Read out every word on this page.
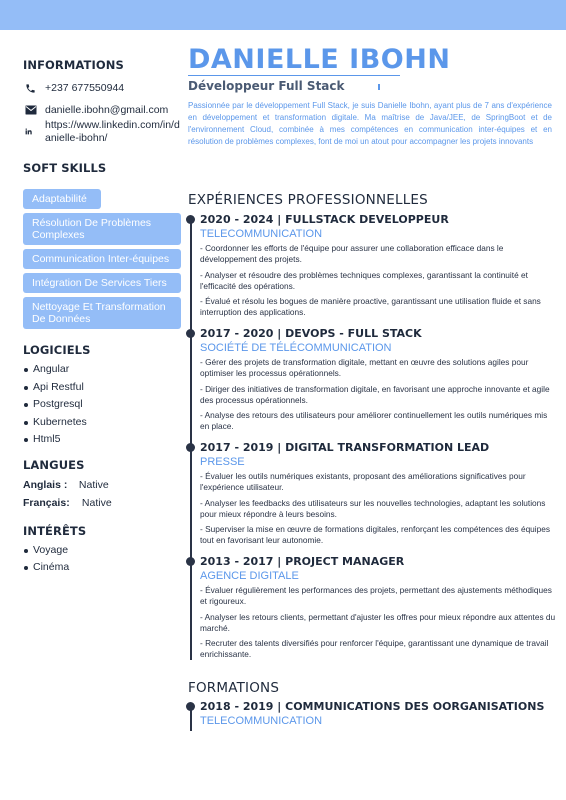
INFORMATIONS
+237 677550944
danielle.ibohn@gmail.com
https://www.linkedin.com/in/danielle-ibohn/
SOFT SKILLS
Adaptabilité
Résolution De Problèmes Complexes
Communication Inter-équipes
Intégration De Services Tiers
Nettoyage Et Transformation De Données
LOGICIELS
Angular
Api Restful
Postgresql
Kubernetes
Html5
LANGUES
Anglais : Native
Français: Native
INTÉRÊTS
Voyage
Cinéma
DANIELLE IBOHN
Développeur Full Stack
Passionnée par le développement Full Stack, je suis Danielle Ibohn, ayant plus de 7 ans d'expérience en développement et transformation digitale. Ma maîtrise de Java/JEE, de SpringBoot et de l'environnement Cloud, combinée à mes compétences en communication inter-équipes et en résolution de problèmes complexes, font de moi un atout pour accompagner les projets innovants
EXPÉRIENCES PROFESSIONNELLES
2020 - 2024 | FULLSTACK DEVELOPPEUR
TELECOMMUNICATION

- Coordonner les efforts de l'équipe pour assurer une collaboration efficace dans le développement des projets.

- Analyser et résoudre des problèmes techniques complexes, garantissant la continuité et l'efficacité des opérations.

- Évalué et résolu les bogues de manière proactive, garantissant une utilisation fluide et sans interruption des applications.

2017 - 2020 | DEVOPS - FULL STACK
SOCIÉTÉ DE TÉLÉCOMMUNICATION

- Gérer des projets de transformation digitale, mettant en œuvre des solutions agiles pour optimiser les processus opérationnels.

- Diriger des initiatives de transformation digitale, en favorisant une approche innovante et agile des processus opérationnels.

- Analyse des retours des utilisateurs pour améliorer continuellement les outils numériques mis en place.

2017 - 2019 | DIGITAL TRANSFORMATION LEAD
PRESSE

- Évaluer les outils numériques existants, proposant des améliorations significatives pour l'expérience utilisateur.

- Analyser les feedbacks des utilisateurs sur les nouvelles technologies, adaptant les solutions pour mieux répondre à leurs besoins.

- Superviser la mise en œuvre de formations digitales, renforçant les compétences des équipes tout en favorisant leur autonomie.

2013 - 2017 | PROJECT MANAGER
AGENCE DIGITALE

- Évaluer régulièrement les performances des projets, permettant des ajustements méthodiques et rigoureux.

- Analyser les retours clients, permettant d'ajuster les offres pour mieux répondre aux attentes du marché.

- Recruter des talents diversifiés pour renforcer l'équipe, garantissant une dynamique de travail enrichissante.

FORMATIONS
2018 - 2019 | COMMUNICATIONS DES OORGANISATIONS
TELECOMMUNICATION
